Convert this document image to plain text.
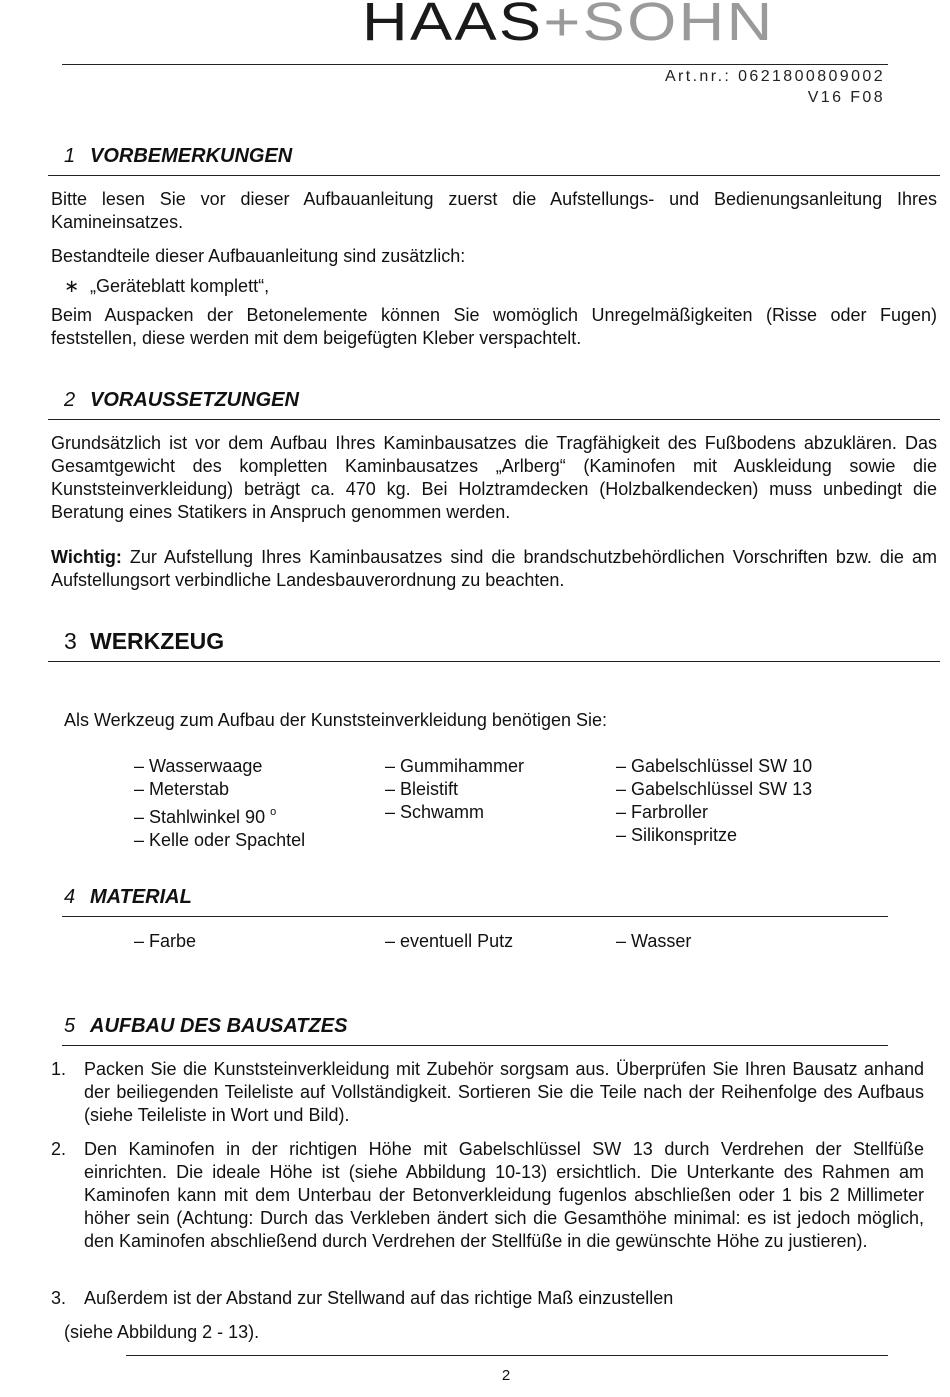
HAAS+SOHN
Art.nr.: 0621800809002
V16 F08
1 VORBEMERKUNGEN
Bitte lesen Sie vor dieser Aufbauanleitung zuerst die Aufstellungs- und Bedienungsanleitung Ihres Kamineinsatzes.
Bestandteile dieser Aufbauanleitung sind zusätzlich:
∗ „Geräteblatt komplett“,
Beim Auspacken der Betonelemente können Sie womöglich Unregelmäßigkeiten (Risse oder Fugen) feststellen, diese werden mit dem beigefügten Kleber verspachtelt.
2 VORAUSSETZUNGEN
Grundsätzlich ist vor dem Aufbau Ihres Kaminbausatzes die Tragfähigkeit des Fußbodens abzuklären. Das Gesamtgewicht des kompletten Kaminbausatzes „Arlberg“ (Kaminofen mit Auskleidung sowie die Kunststeinverkleidung) beträgt ca. 470 kg. Bei Holztramdecken (Holzbalkendecken) muss unbedingt die Beratung eines Statikers in Anspruch genommen werden.
Wichtig: Zur Aufstellung Ihres Kaminbausatzes sind die brandschutzbehördlichen Vorschriften bzw. die am Aufstellungsort verbindliche Landesbauverordnung zu beachten.
3 WERKZEUG
Als Werkzeug zum Aufbau der Kunststeinverkleidung benötigen Sie:
– Wasserwaage
– Meterstab
– Stahlwinkel 90 $^o$
– Kelle oder Spachtel
– Gummihammer
– Bleistift
– Schwamm
– Gabelschlüssel SW 10
– Gabelschlüssel SW 13
– Farbroller
– Silikonspritze
4 MATERIAL
– Farbe	– eventuell Putz	– Wasser
5 AUFBAU DES BAUSATZES
1. Packen Sie die Kunststeinverkleidung mit Zubehör sorgsam aus. Überprüfen Sie Ihren Bausatz anhand der beiliegenden Teileliste auf Vollständigkeit. Sortieren Sie die Teile nach der Reihenfolge des Aufbaus (siehe Teileliste in Wort und Bild).
2. Den Kaminofen in der richtigen Höhe mit Gabelschlüssel SW 13 durch Verdrehen der Stellfüße einrichten. Die ideale Höhe ist (siehe Abbildung 10-13) ersichtlich. Die Unterkante des Rahmen am Kaminofen kann mit dem Unterbau der Betonverkleidung fugenlos abschließen oder 1 bis 2 Millimeter höher sein (Achtung: Durch das Verkleben ändert sich die Gesamthöhe minimal: es ist jedoch möglich, den Kaminofen abschließend durch Verdrehen der Stellfüße in die gewünschte Höhe zu justieren).
3. Außerdem ist der Abstand zur Stellwand auf das richtige Maß einzustellen
(siehe Abbildung 2 - 13).
2
